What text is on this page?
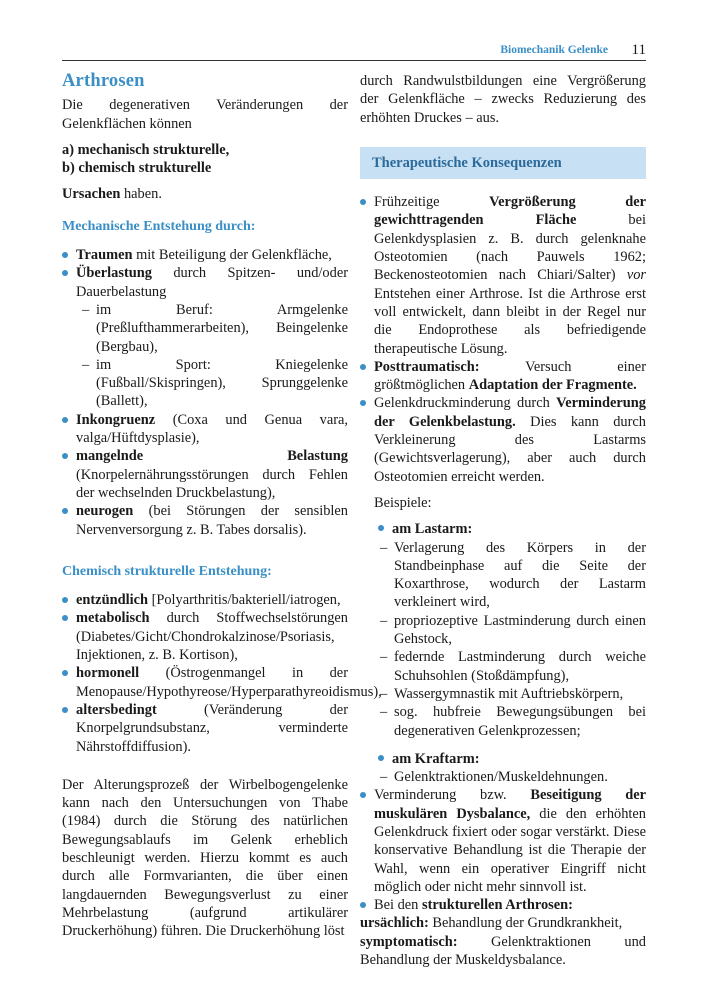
Biomechanik Gelenke 11
Arthrosen

Die degenerativen Veränderungen der Gelenkflächen können

a) mechanisch strukturelle,

b) chemisch strukturelle

Ursachen haben.

Mechanische Entstehung durch:
Traumen mit Beteiligung der Gelenkfläche,
Überlastung durch Spitzen- und/oder Dauerbelastung
– im Beruf: Armgelenke (Preßlufthammerarbeiten), Beingelenke (Bergbau),
– im Sport: Kniegelenke (Fußball/Skispringen), Sprunggelenke (Ballett),
Inkongruenz (Coxa und Genua vara, valga/Hüftdysplasie),
mangelnde Belastung (Knorpelernährungsstörungen durch Fehlen der wechselnden Druckbelastung),
neurogen (bei Störungen der sensiblen Nervenversorgung z. B. Tabes dorsalis).
Chemisch strukturelle Entstehung:
entzündlich [Polyarthritis/bakteriell/iatrogen,
metabolisch durch Stoffwechselstörungen (Diabetes/Gicht/Chondrokalzinose/Psoriasis, Injektionen, z. B. Kortison),
hormonell (Östrogenmangel in der Menopause/Hypothyreose/Hyperparathyreoidismus),
altersbedingt (Veränderung der Knorpelgrundsubstanz, verminderte Nährstoffdiffusion).

Der Alterungsprozeß der Wirbelbogengelenke kann nach den Untersuchungen von Thabe (1984) durch die Störung des natürlichen Bewegungsablaufs im Gelenk erheblich beschleunigt werden. Hierzu kommt es auch durch alle Formvarianten, die über einen langdauernden Bewegungsverlust zu einer Mehrbelastung (aufgrund artikulärer Druckerhöhung) führen. Die Druckerhöhung löst

durch Randwulstbildungen eine Vergrößerung der Gelenkfläche – zwecks Reduzierung des erhöhten Druckes – aus.

Therapeutische Konsequenzen
Frühzeitige Vergrößerung der gewichttragenden Fläche bei Gelenkdysplasien z. B. durch gelenknahe Osteotomien (nach Pauwels 1962; Beckenosteotomien nach Chiari/Salter) vor Entstehen einer Arthrose. Ist die Arthrose erst voll entwickelt, dann bleibt in der Regel nur die Endoprothese als befriedigende therapeutische Lösung.
Posttraumatisch: Versuch einer größtmöglichen Adaptation der Fragmente.
Gelenkdruckminderung durch Verminderung der Gelenkbelastung. Dies kann durch Verkleinerung des Lastarms (Gewichtsverlagerung), aber auch durch Osteotomien erreicht werden.

Beispiele:

am Lastarm:

– Verlagerung des Körpers in der Standbeinphase auf die Seite der Koxarthrose, wodurch der Lastarm verkleinert wird,
– propriozeptive Lastminderung durch einen Gehstock,
– federnde Lastminderung durch weiche Schuhsohlen (Stoßdämpfung),
– Wassergymnastik mit Auftriebskörpern,
– sog. hubfreie Bewegungsübungen bei degenerativen Gelenkprozessen;

am Kraftarm:

– Gelenktraktionen/Muskeldehnungen.
Verminderung bzw. Beseitigung der muskulären Dysbalance, die den erhöhten Gelenkdruck fixiert oder sogar verstärkt. Diese konservative Behandlung ist die Therapie der Wahl, wenn ein operativer Eingriff nicht möglich oder nicht mehr sinnvoll ist.
Bei den strukturellen Arthrosen:

ursächlich: Behandlung der Grundkrankheit,

symptomatisch: Gelenktraktionen und Behandlung der Muskeldysbalance.
